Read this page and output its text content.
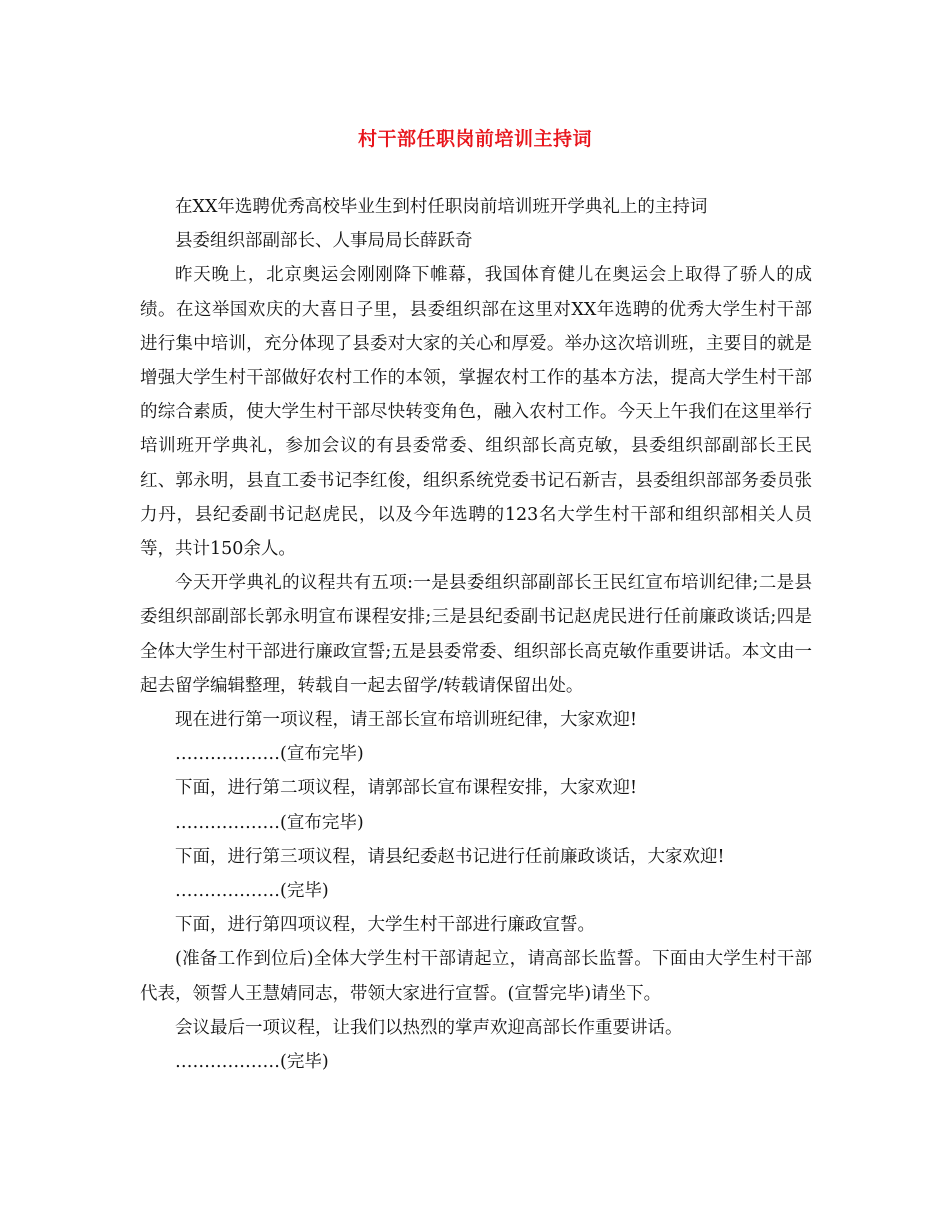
村干部任职岗前培训主持词

在XX年选聘优秀高校毕业生到村任职岗前培训班开学典礼上的主持词

县委组织部副部长、人事局局长薛跃奇

昨天晚上，北京奥运会刚刚降下帷幕，我国体育健儿在奥运会上取得了骄人的成绩。在这举国欢庆的大喜日子里，县委组织部在这里对XX年选聘的优秀大学生村干部进行集中培训，充分体现了县委对大家的关心和厚爱。举办这次培训班，主要目的就是增强大学生村干部做好农村工作的本领，掌握农村工作的基本方法，提高大学生村干部的综合素质，使大学生村干部尽快转变角色，融入农村工作。今天上午我们在这里举行培训班开学典礼，参加会议的有县委常委、组织部长高克敏，县委组织部副部长王民红、郭永明，县直工委书记李红俊，组织系统党委书记石新吉，县委组织部部务委员张力丹，县纪委副书记赵虎民，以及今年选聘的123名大学生村干部和组织部相关人员等，共计150余人。

今天开学典礼的议程共有五项:一是县委组织部副部长王民红宣布培训纪律;二是县委组织部副部长郭永明宣布课程安排;三是县纪委副书记赵虎民进行任前廉政谈话;四是全体大学生村干部进行廉政宣誓;五是县委常委、组织部长高克敏作重要讲话。本文由一起去留学编辑整理，转载自一起去留学/转载请保留出处。

现在进行第一项议程，请王部长宣布培训班纪律，大家欢迎!

………………(宣布完毕)

下面，进行第二项议程，请郭部长宣布课程安排，大家欢迎!

………………(宣布完毕)

下面，进行第三项议程，请县纪委赵书记进行任前廉政谈话，大家欢迎!

………………(完毕)

下面，进行第四项议程，大学生村干部进行廉政宣誓。

(准备工作到位后)全体大学生村干部请起立，请高部长监誓。下面由大学生村干部代表，领誓人王慧婧同志，带领大家进行宣誓。(宣誓完毕)请坐下。

会议最后一项议程，让我们以热烈的掌声欢迎高部长作重要讲话。

………………(完毕)
